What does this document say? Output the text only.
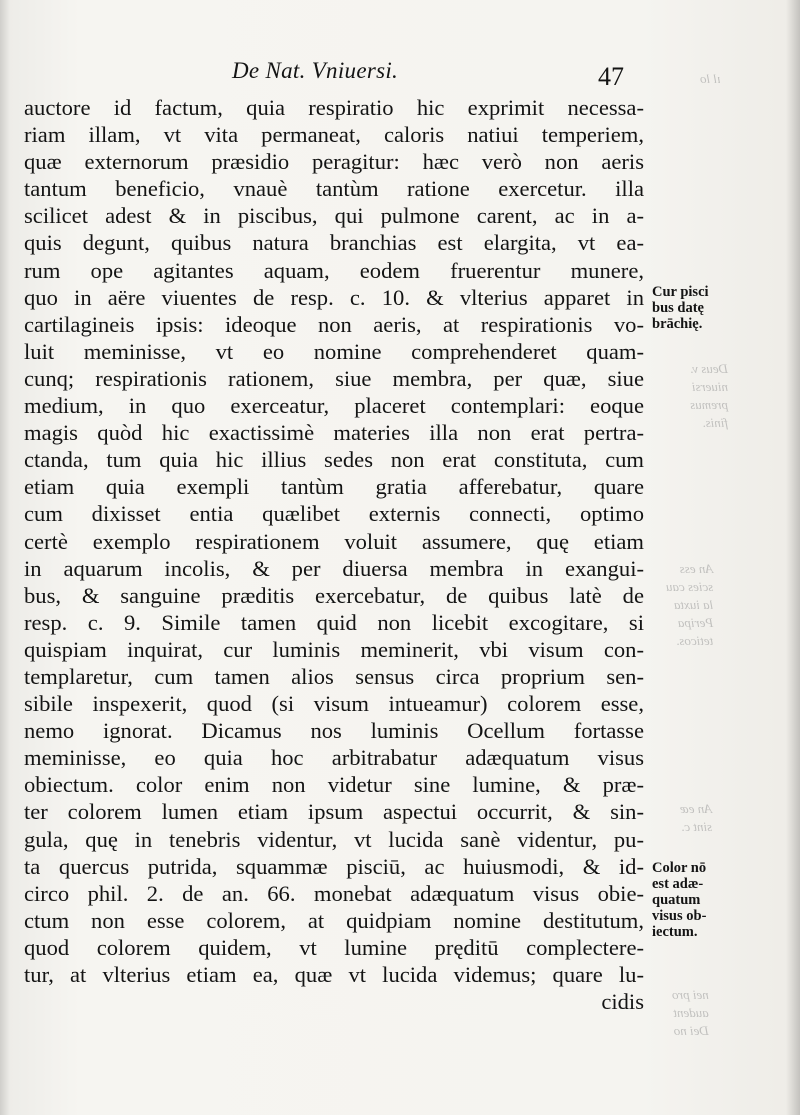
ıl lo
Deus v.
niuersi
premus
finis.
An ess
scies cau
la iuxta
Peripa
teticos.
An eæ
sint c.
nei pro
audent
Dei no
De Nat. Vniuersi.	47
auctore id factum, quia respiratio hic exprimit necessa-
riam illam, vt vita permaneat, caloris natiui temperiem,
quæ externorum præsidio peragitur: hæc verò non aeris
tantum beneficio, vnauè tantùm ratione exercetur. illa
scilicet adest & in piscibus, qui pulmone carent, ac in a-
quis degunt, quibus natura branchias est elargita, vt ea-
rum ope agitantes aquam, eodem fruerentur munere,
quo in aëre viuentes de resp. c. 10. & vlterius apparet in
cartilagineis ipsis: ideoque non aeris, at respirationis vo-
luit meminisse, vt eo nomine comprehenderet quam-
cunq; respirationis rationem, siue membra, per quæ, siue
medium, in quo exerceatur, placeret contemplari: eoque
magis quòd hic exactissimè materies illa non erat pertra-
ctanda, tum quia hic illius sedes non erat constituta, cum
etiam quia exempli tantùm gratia afferebatur, quare
cum dixisset entia quælibet externis connecti, optimo
certè exemplo respirationem voluit assumere, quę etiam
in aquarum incolis, & per diuersa membra in exangui-
bus, & sanguine præditis exercebatur, de quibus latè de
resp. c. 9. Simile tamen quid non licebit excogitare, si
quispiam inquirat, cur luminis meminerit, vbi visum con-
templaretur, cum tamen alios sensus circa proprium sen-
sibile inspexerit, quod (si visum intueamur) colorem esse,
nemo ignorat. Dicamus nos luminis Ocellum fortasse
meminisse, eo quia hoc arbitrabatur adæquatum visus
obiectum. color enim non videtur sine lumine, & præ-
ter colorem lumen etiam ipsum aspectui occurrit, & sin-
gula, quę in tenebris videntur, vt lucida sanè videntur, pu-
ta quercus putrida, squammæ pisciū, ac huiusmodi, & id-
circo phil. 2. de an. 66. monebat adæquatum visus obie-
ctum non esse colorem, at quidpiam nomine destitutum,
quod colorem quidem, vt lumine pręditū complectere-
tur, at vlterius etiam ea, quæ vt lucida videmus; quare lu-
cidis
Cur pisci
bus datę
brāchię.
Color nō
est adæ-
quatum
visus ob-
iectum.
